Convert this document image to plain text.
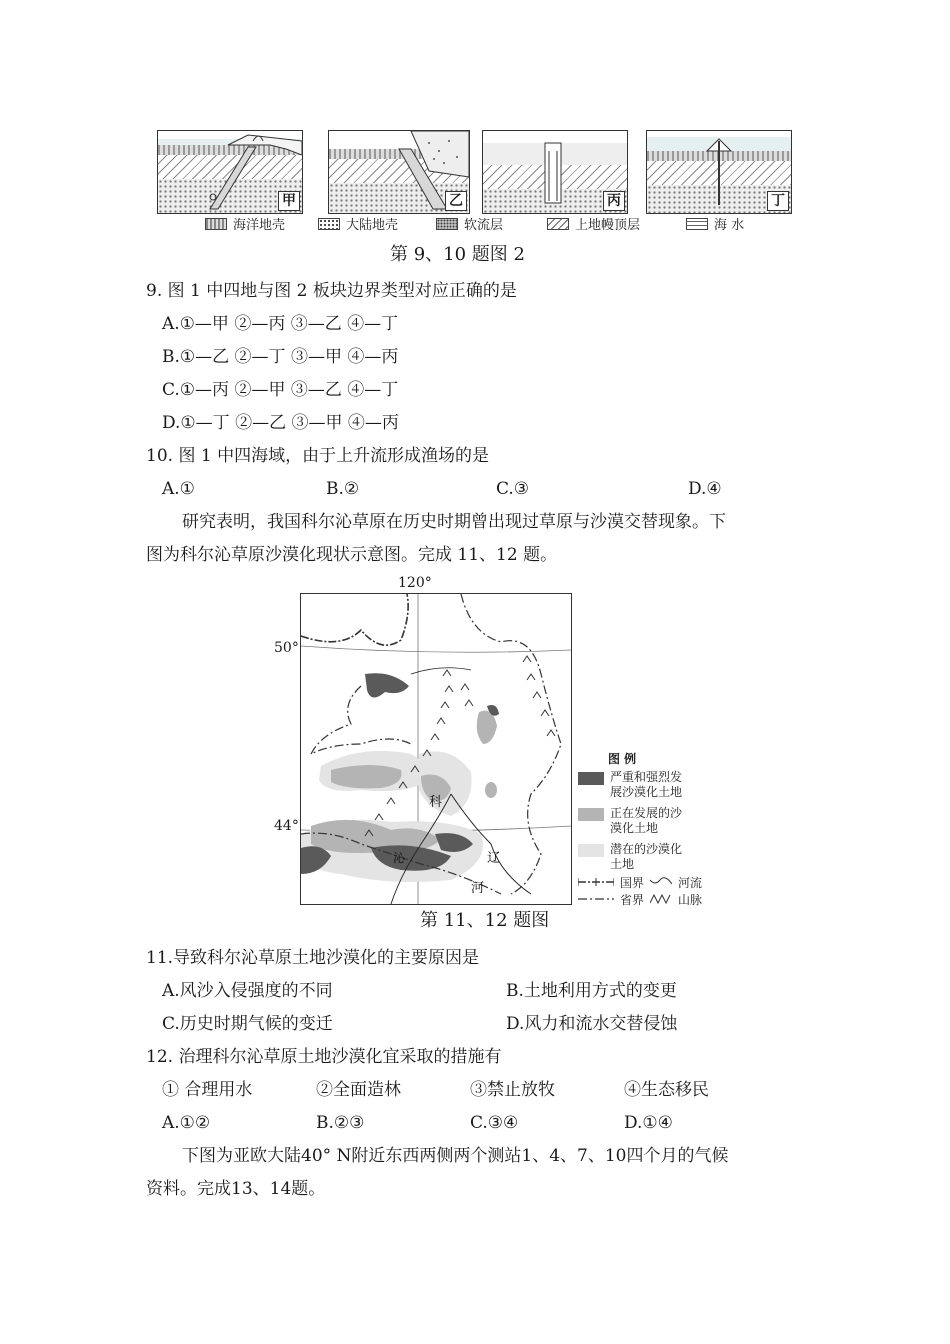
甲	乙	丙	丁
海洋地壳	大陆地壳	软流层	上地幔顶层	海 水
第 9、10 题图 2
9. 图 1 中四地与图 2 板块边界类型对应正确的是
A.①—甲 ②—丙 ③—乙 ④—丁
B.①—乙 ②—丁 ③—甲 ④—丙
C.①—丙 ②—甲 ③—乙 ④—丁
D.①—丁 ②—乙 ③—甲 ④—丙
10. 图 1 中四海域，由于上升流形成渔场的是
A.①	B.②	C.③	D.④
研究表明，我国科尔沁草原在历史时期曾出现过草原与沙漠交替现象。下
图为科尔沁草原沙漠化现状示意图。完成 11、12 题。
120°
50°
44°
科
沁	辽
河
图 例
严重和强烈发
展沙漠化土地
正在发展的沙
漠化土地
潜在的沙漠化
土地
国界	河流
省界	山脉
第 11、12 题图
11.导致科尔沁草原土地沙漠化的主要原因是
A.风沙入侵强度的不同	B.土地利用方式的变更
C.历史时期气候的变迁	D.风力和流水交替侵蚀
12. 治理科尔沁草原土地沙漠化宜采取的措施有
① 合理用水	②全面造林	③禁止放牧	④生态移民
A.①②	B.②③	C.③④	D.①④
下图为亚欧大陆40° N附近东西两侧两个测站1、4、7、10四个月的气候
资料。完成13、14题。
